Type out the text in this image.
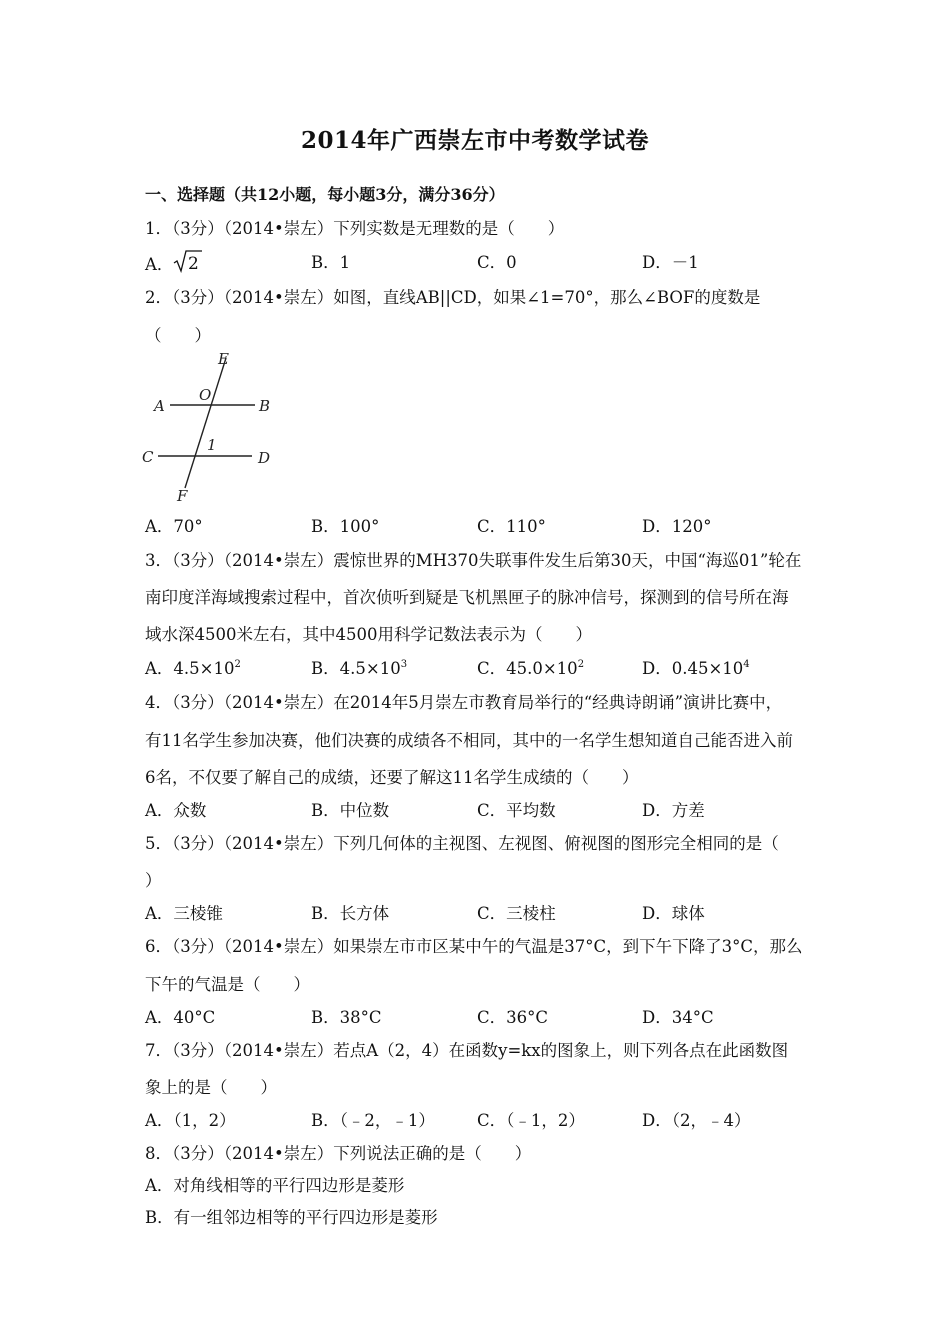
2014年广西崇左市中考数学试卷
一、选择题（共12小题，每小题3分，满分36分）
1．（3分）（2014•崇左）下列实数是无理数的是（　　）
A． 2	B．1	C．0	D．－1
2．（3分）（2014•崇左）如图，直线AB||CD，如果∠1=70°，那么∠BOF的度数是
（　　）
E
O
A	B
1
C	D
F
A．70°	B．100°	C．110°	D．120°
3．（3分）（2014•崇左）震惊世界的MH370失联事件发生后第30天，中国“海巡01”轮在
南印度洋海域搜索过程中，首次侦听到疑是飞机黑匣子的脉冲信号，探测到的信号所在海
域水深4500米左右，其中4500用科学记数法表示为（　　）
A．$4.5\times 10^2$	B．$4.5\times 10^3$	C．$45.0\times 10^2$	D．$0.45\times 10^4$
4．（3分）（2014•崇左）在2014年5月崇左市教育局举行的“经典诗朗诵”演讲比赛中，
有11名学生参加决赛，他们决赛的成绩各不相同，其中的一名学生想知道自己能否进入前
6名，不仅要了解自己的成绩，还要了解这11名学生成绩的（　　）
A．众数	B．中位数	C．平均数	D．方差
5．（3分）（2014•崇左）下列几何体的主视图、左视图、俯视图的图形完全相同的是（
）
A．三棱锥	B．长方体	C．三棱柱	D．球体
6．（3分）（2014•崇左）如果崇左市市区某中午的气温是37°C，到下午下降了3°C，那么
下午的气温是（　　）
A．40°C	B．38°C	C．36°C	D．34°C
7．（3分）（2014•崇左）若点A（2，4）在函数y=kx的图象上，则下列各点在此函数图
象上的是（　　）
A．（1，2）	B．（﹣2，﹣1）	C．（﹣1，2）	D．（2，﹣4）
8．（3分）（2014•崇左）下列说法正确的是（　　）
A．对角线相等的平行四边形是菱形
B．有一组邻边相等的平行四边形是菱形
